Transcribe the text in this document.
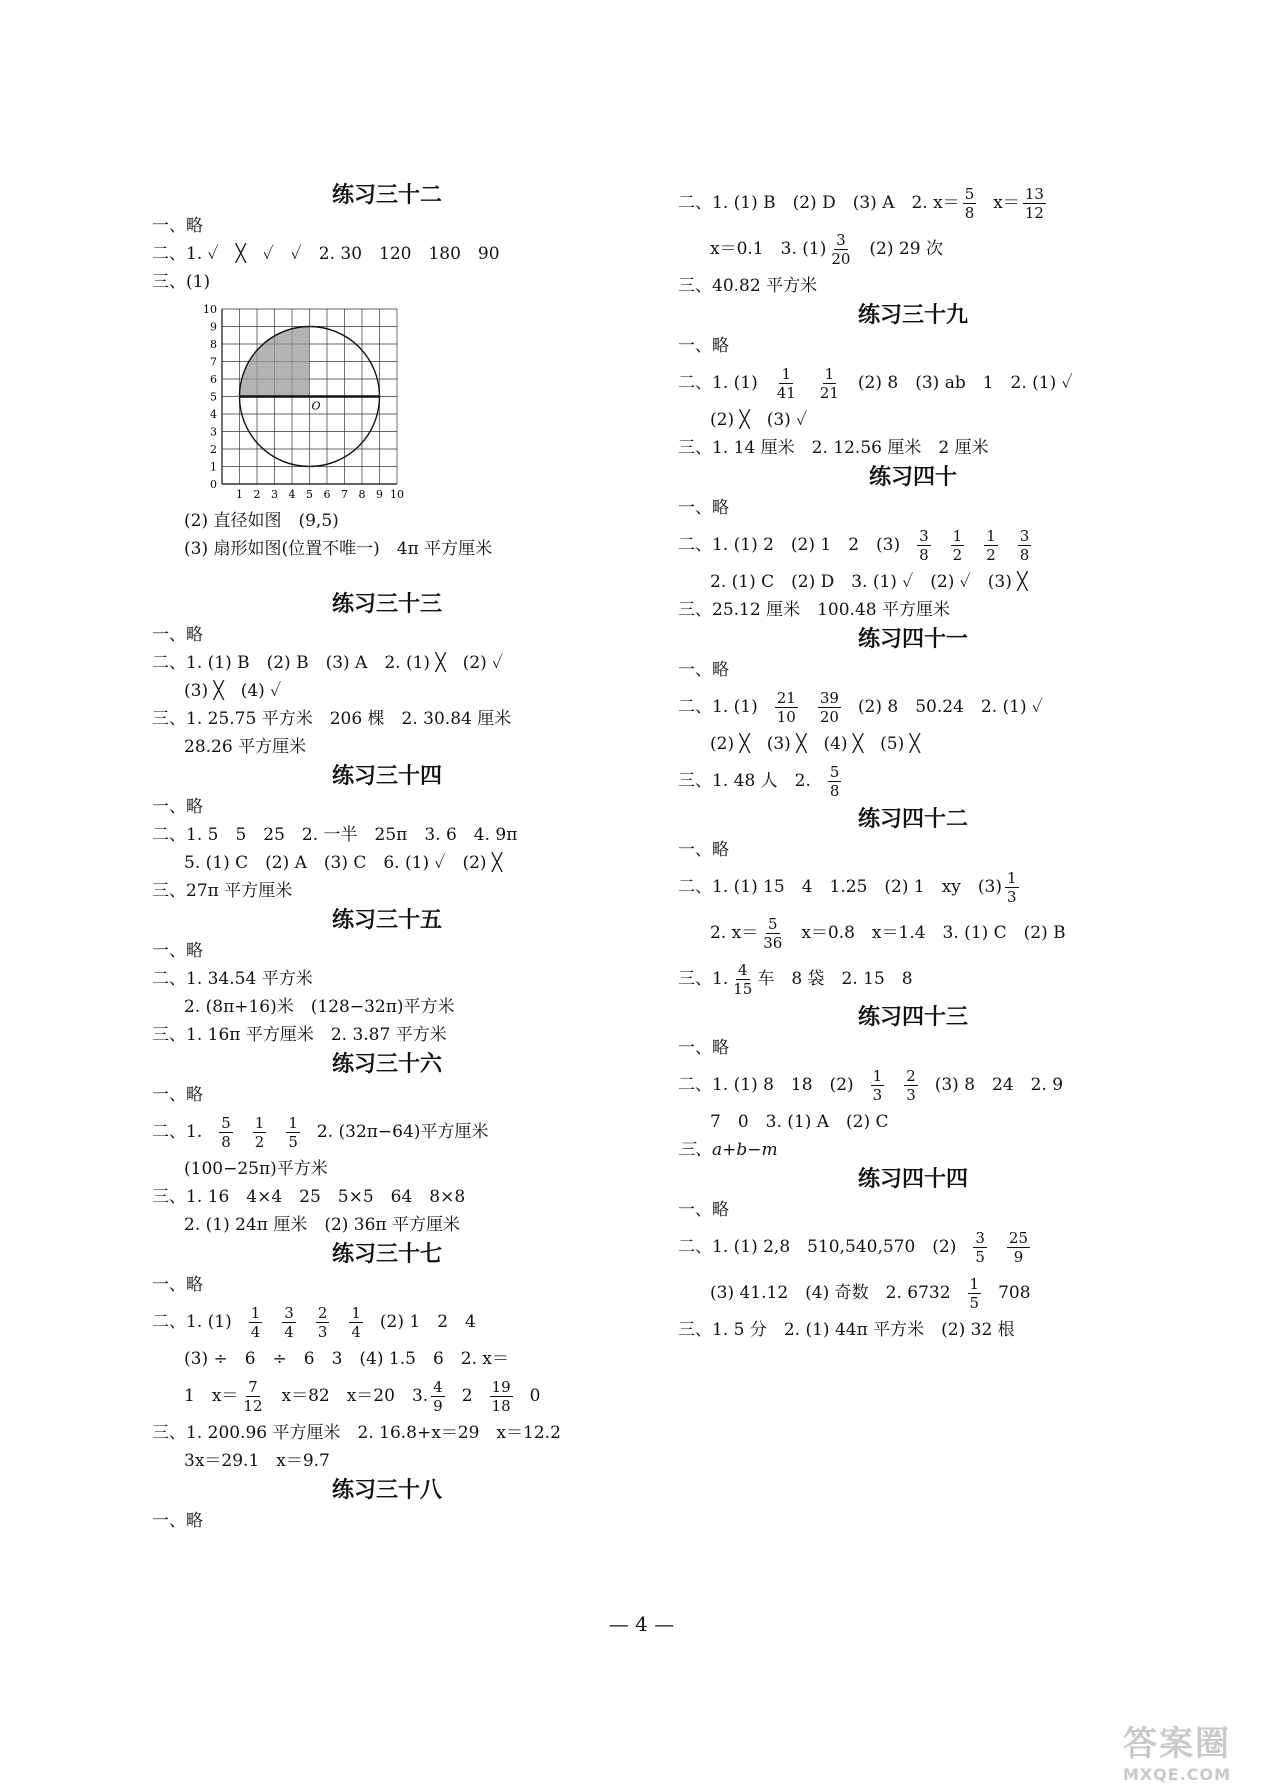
练习三十二
一、略
二、1. ✓　╳　✓　✓　2. 30　120　180　90
三、(1)
1 2 3 4 5 6 7 8 9 10
0
1
2
3
4
5
6
7
8
9
10
O
(2) 直径如图　(9,5)
(3) 扇形如图(位置不唯一)　4π 平方厘米
练习三十三
一、略
二、1. (1) B　(2) B　(3) A　2. (1) ╳　(2) ✓
(3) ╳　(4) ✓
三、1. 25.75 平方米　206 棵　2. 30.84 厘米
28.26 平方厘米
练习三十四
一、略
二、1. 5　5　25　2. 一半　25π　3. 6　4. 9π
5. (1) C　(2) A　(3) C　6. (1) ✓　(2) ╳
三、27π 平方厘米
练习三十五
一、略
二、1. 34.54 平方米
2. (8π+16)米　(128−32π)平方米
三、1. 16π 平方厘米　2. 3.87 平方米
练习三十六
一、略
二、1. $\frac{5}{8} \frac{1}{2} \frac{1}{5} 2$. (32π−64)平方厘米
(100−25π)平方米
三、1. 16　4×4　25　5×5　64　8×8
2. (1) 24π 厘米　(2) 36π 平方厘米
练习三十七
一、略
二、1. $(1) \frac{1}{4} \frac{3}{4} \frac{2}{3} \frac{1}{4} (2)$ 1　2　4
(3) ÷　6　÷　6　3　(4) 1.5　6　2. x＝
1　$x= \frac{7}{12} x=82$　x＝20　3. $\frac{4}{9} 2 \frac{19}{18} 0$
三、1. 200.96 平方厘米　2. 16.8+x＝29　x＝12.2
3x＝29.1　x＝9.7
练习三十八
一、略
二、1. (1) B　(2) D　(3) A　2. $x= \frac{5}{8} x= \frac{13}{12}$
x＝0.1　3. $(1) \frac{3}{20} (2)$ 29 次
三、40.82 平方米
练习三十九
一、略
二、1. $(1) \frac{1}{41} \frac{1}{21} (2)$ 8　(3) ab　1　2. (1) ✓
(2) ╳　(3) ✓
三、1. 14 厘米　2. 12.56 厘米　2 厘米
练习四十
一、略
二、1. (1) 2　(2) 1　2　$(3) \frac{3}{8} \frac{1}{2} \frac{1}{2} \frac{3}{8}$
2. (1) C　(2) D　3. (1) ✓　(2) ✓　(3) ╳
三、25.12 厘米　100.48 平方厘米
练习四十一
一、略
二、1. $(1) \frac{21}{10} \frac{39}{20} (2)$ 8　50.24　2. (1) ✓
(2) ╳　(3) ╳　(4) ╳　(5) ╳
三、1. 48 人　2. $\frac{5}{8}$
练习四十二
一、略
二、1. (1) 15　4　1.25　(2) 1　xy　$(3) \frac{1}{3}$
2. $x= \frac{5}{36} x=0.8$　x＝1.4　3. (1) C　(2) B
三、1. $\frac{4}{15}$ 车　8 袋　2. 15　8
练习四十三
一、略
二、1. (1) 8　18　$(2) \frac{1}{3} \frac{2}{3} (3)$ 8　24　2. 9
7　0　3. (1) A　(2) C
三、a+b−m
练习四十四
一、略
二、1. (1) 2,8　510,540,570　$(2) \frac{3}{5} \frac{25}{9}$
(3) 41.12　(4) 奇数　2. $6732 \frac{1}{5} 708$
三、1. 5 分　2. (1) 44π 平方米　(2) 32 根
— 4 —
答案圈
MXQE.COM
